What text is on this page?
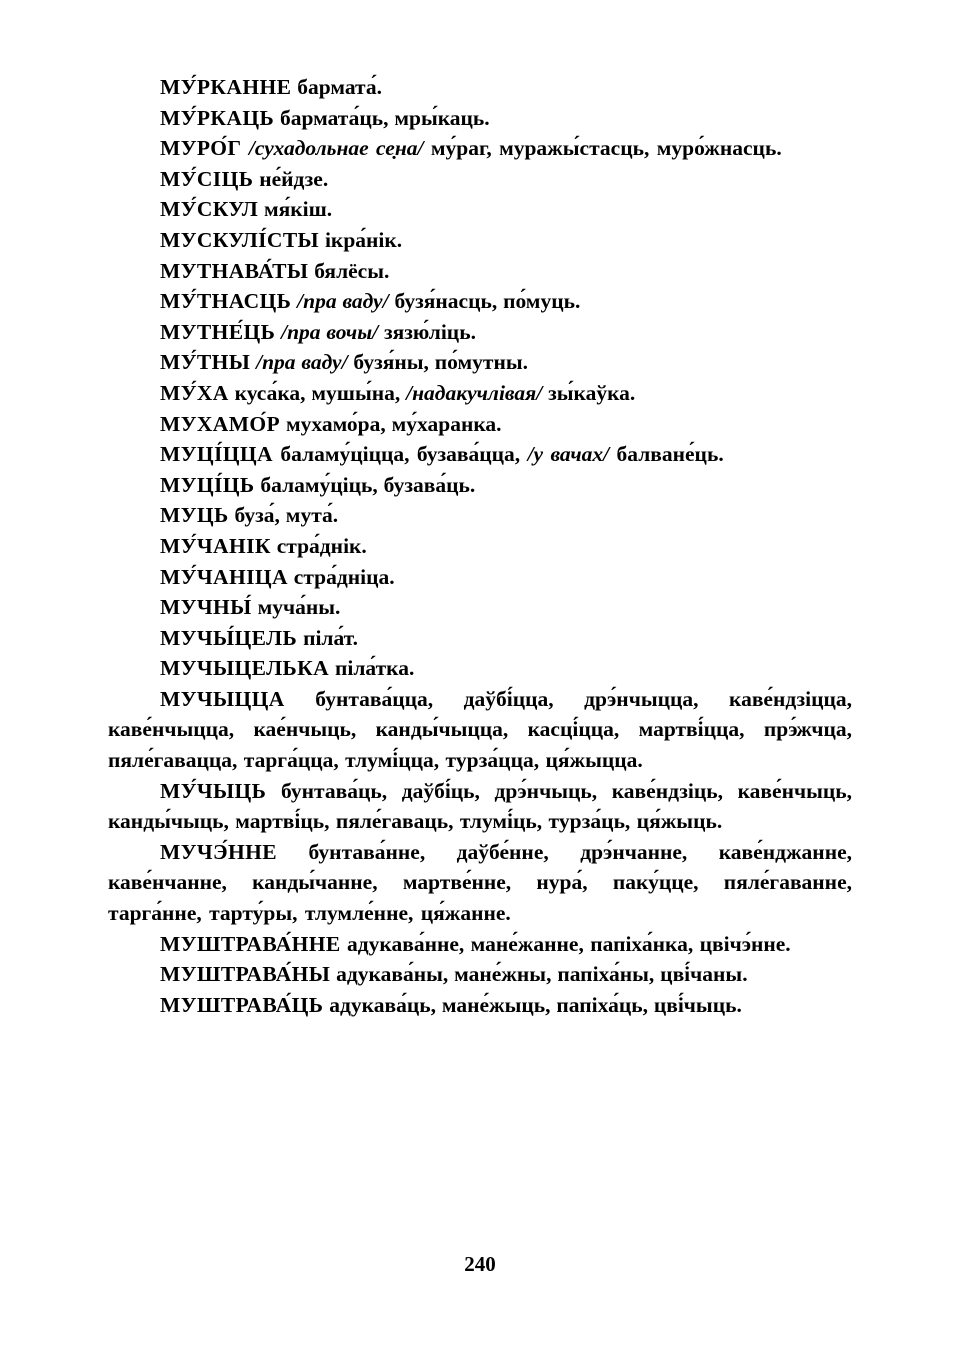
МУ́РКАННЕ бармата́.

МУ́РКАЦЬ бармата́ць, мры́каць.

МУРО́Г /сухадольнае се̣на/ му́раг, муражы́стасць, муро́жнасць.

МУ́СІЦЬ не́йдзе.

МУ́СКУЛ мя́кіш.

МУСКУЛІ́СТЫ ікра́нік.

МУТНАВА́ТЫ бялёсы.

МУ́ТНАСЦЬ /пра ваду/ бузя́насць, по́муць.

МУТНЕ́ЦЬ /пра вочы/ зязю́ліць.

МУ́ТНЫ /пра ваду/ бузя́ны, по́мутны.

МУ́ХА куса́ка, мушы́на, /надакучлівая/ зы́каўка.

МУХАМО́Р мухамо́ра, му́харанка.

МУЦІ́ЦЦА баламу́ціцца, бузава́цца, /у вачах/ балване́ць.

МУЦІ́ЦЬ баламу́ціць, бузава́ць.

МУЦЬ буза́, мута́.

МУ́ЧАНІК стра́днік.

МУ́ЧАНІЦА стра́дніца.

МУЧНЫ́ муча́ны.

МУЧЫ́ЦЕЛЬ піла́т.

МУЧЫЦЕЛЬКА піла́тка.

МУЧЫЦЦА бунтава́цца, даўбі́цца, дрэ́нчыцца, каве́ндзіцца, каве́нчыцца, кае́нчыць, канды́чыцца, касці́цца, мартві́цца, прэ́жчца, пяле́гавацца, тарга́цца, тлумі́цца, турза́цца, ця́жыцца.

МУ́ЧЫЦЬ бунтава́ць, даўбі́ць, дрэ́нчыць, каве́ндзіць, каве́нчыць, канды́чыць, мартві́ць, пяле́гаваць, тлумі́ць, турза́ць, ця́жыць.

МУЧЭ́ННЕ бунтава́нне, даўбе́нне, дрэ́нчанне, каве́нджанне, каве́нчанне, канды́чанне, мартве́нне, нура́, паку́цце, пяле́гаванне, тарга́нне, тарту́ры, тлумле́нне, ця́жанне.

МУШТРАВА́ННЕ адукава́нне, мане́жанне, папіха́нка, цвічэ́нне.

МУШТРАВА́НЫ адукава́ны, мане́жны, папіха́ны, цві́чаны.

МУШТРАВА́ЦЬ адукава́ць, мане́жыць, папіха́ць, цві́чыць.

240
